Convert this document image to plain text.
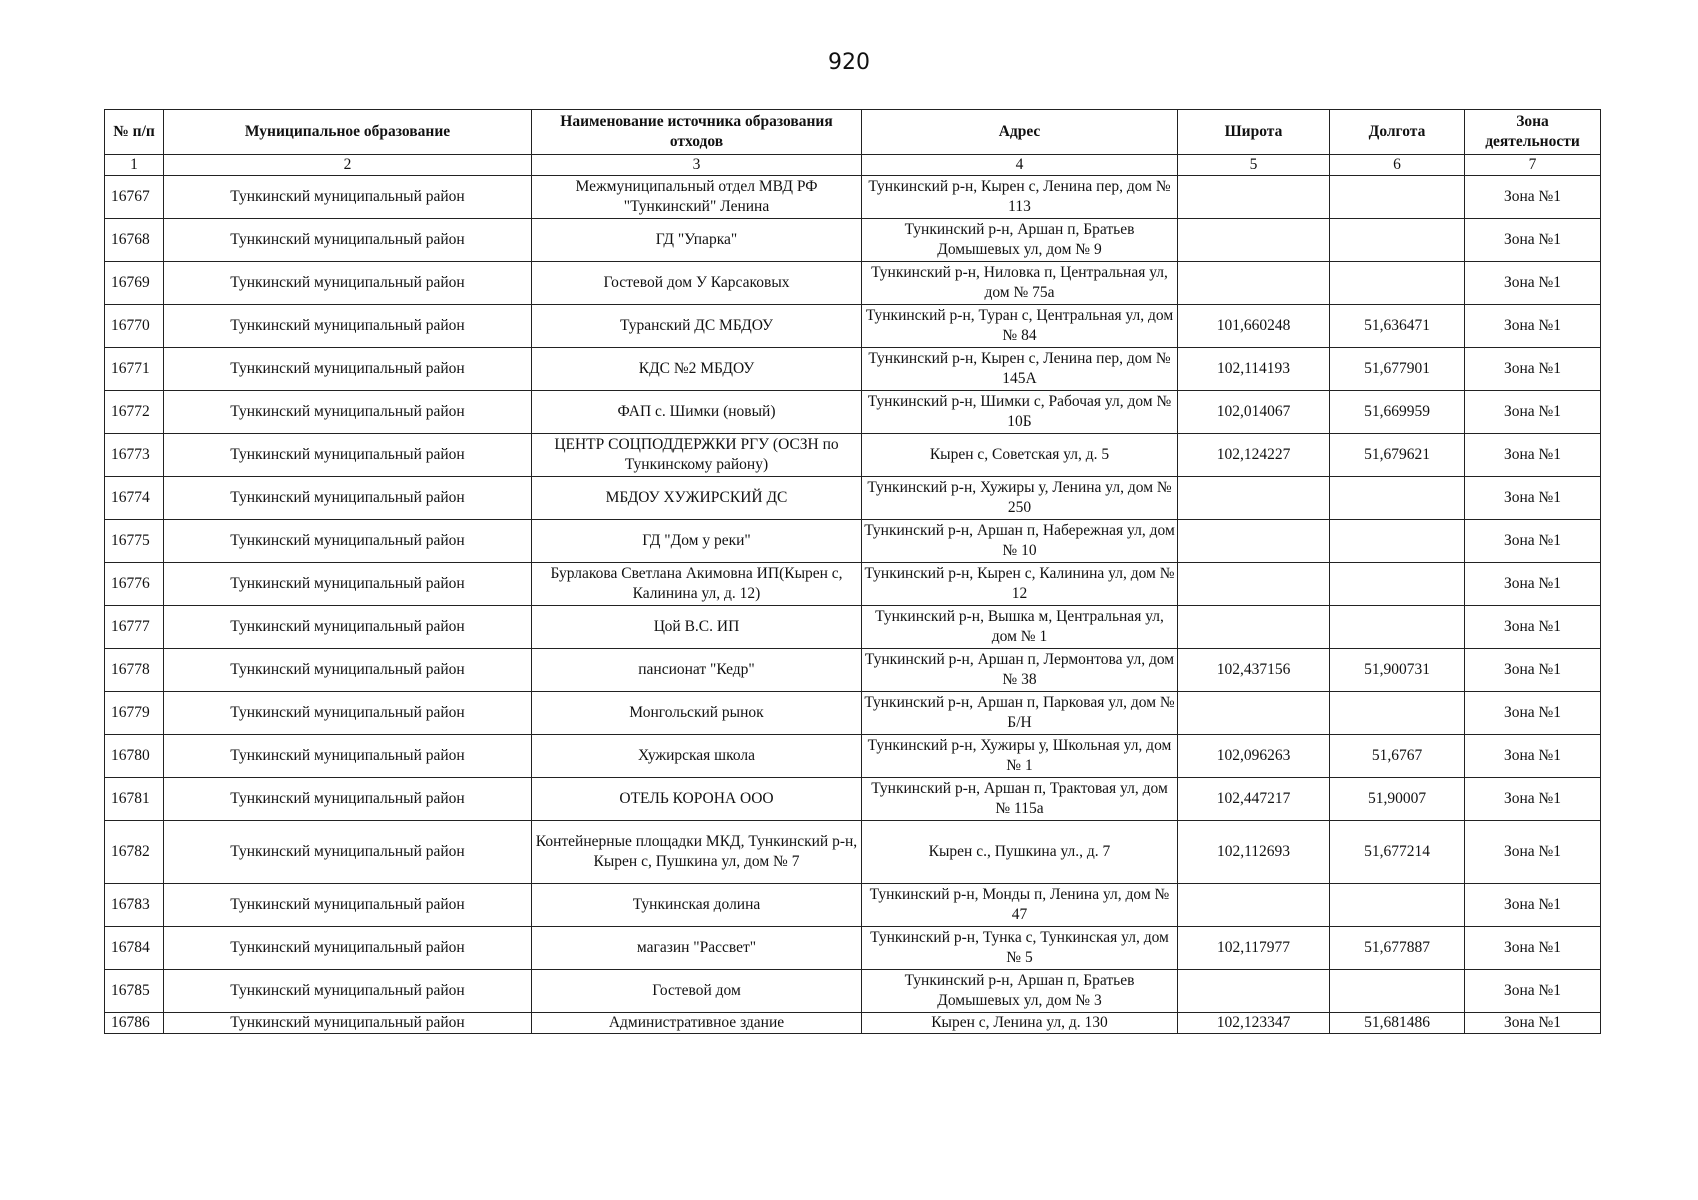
920
№ п/п	Муниципальное образование	Наименование источника образования отходов	Адрес	Широта	Долгота	Зона деятельности
1	2	3	4	5	6	7
16767	Тункинский муниципальный район	Межмуниципальный отдел МВД РФ "Тункинский" Ленина	Тункинский р-н, Кырен с, Ленина пер, дом № 113			Зона №1
16768	Тункинский муниципальный район	ГД "Упарка"	Тункинский р-н, Аршан п, Братьев Домышевых ул, дом № 9			Зона №1
16769	Тункинский муниципальный район	Гостевой дом У Карсаковых	Тункинский р-н, Ниловка п, Центральная ул, дом № 75а			Зона №1
16770	Тункинский муниципальный район	Туранский ДС МБДОУ	Тункинский р-н, Туран с, Центральная ул, дом № 84	101,660248	51,636471	Зона №1
16771	Тункинский муниципальный район	КДС №2 МБДОУ	Тункинский р-н, Кырен с, Ленина пер, дом № 145А	102,114193	51,677901	Зона №1
16772	Тункинский муниципальный район	ФАП с. Шимки (новый)	Тункинский р-н, Шимки с, Рабочая ул, дом № 10Б	102,014067	51,669959	Зона №1
16773	Тункинский муниципальный район	ЦЕНТР СОЦПОДДЕРЖКИ РГУ (ОСЗН по Тункинскому району)	Кырен с, Советская ул, д. 5	102,124227	51,679621	Зона №1
16774	Тункинский муниципальный район	МБДОУ ХУЖИРСКИЙ ДС	Тункинский р-н, Хужиры у, Ленина ул, дом № 250			Зона №1
16775	Тункинский муниципальный район	ГД "Дом у реки"	Тункинский р-н, Аршан п, Набережная ул, дом № 10			Зона №1
16776	Тункинский муниципальный район	Бурлакова Светлана Акимовна ИП(Кырен с, Калинина ул, д. 12)	Тункинский р-н, Кырен с, Калинина ул, дом № 12			Зона №1
16777	Тункинский муниципальный район	Цой В.С. ИП	Тункинский р-н, Вышка м, Центральная ул, дом № 1			Зона №1
16778	Тункинский муниципальный район	пансионат "Кедр"	Тункинский р-н, Аршан п, Лермонтова ул, дом № 38	102,437156	51,900731	Зона №1
16779	Тункинский муниципальный район	Монгольский рынок	Тункинский р-н, Аршан п, Парковая ул, дом № Б/Н			Зона №1
16780	Тункинский муниципальный район	Хужирская школа	Тункинский р-н, Хужиры у, Школьная ул, дом № 1	102,096263	51,6767	Зона №1
16781	Тункинский муниципальный район	ОТЕЛЬ КОРОНА ООО	Тункинский р-н, Аршан п, Трактовая ул, дом № 115а	102,447217	51,90007	Зона №1
16782	Тункинский муниципальный район	Контейнерные площадки МКД, Тункинский р-н, Кырен с, Пушкина ул, дом № 7	Кырен с., Пушкина ул., д. 7	102,112693	51,677214	Зона №1
16783	Тункинский муниципальный район	Тункинская долина	Тункинский р-н, Монды п, Ленина ул, дом № 47			Зона №1
16784	Тункинский муниципальный район	магазин "Рассвет"	Тункинский р-н, Тунка с, Тункинская ул, дом № 5	102,117977	51,677887	Зона №1
16785	Тункинский муниципальный район	Гостевой дом	Тункинский р-н, Аршан п, Братьев Домышевых ул, дом № 3			Зона №1
16786	Тункинский муниципальный район	Административное здание	Кырен с, Ленина ул, д. 130	102,123347	51,681486	Зона №1
